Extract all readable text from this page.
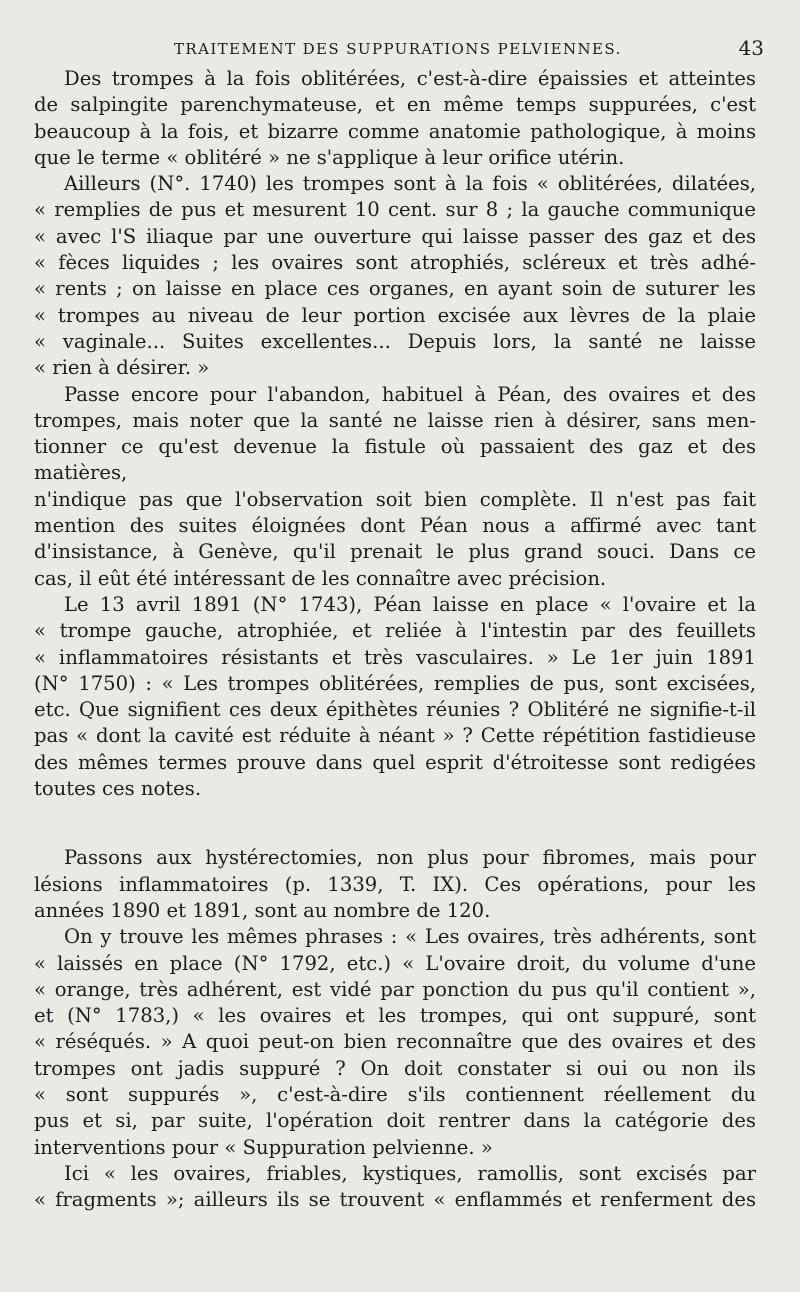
TRAITEMENT DES SUPPURATIONS PELVIENNES.	43

Des trompes à la fois oblitérées, c'est-à-dire épaissies et atteintes

de salpingite parenchymateuse, et en même temps suppurées, c'est

beaucoup à la fois, et bizarre comme anatomie pathologique, à moins

que le terme « oblitéré » ne s'applique à leur orifice utérin.

Ailleurs (N°. 1740) les trompes sont à la fois « oblitérées, dilatées,

« remplies de pus et mesurent 10 cent. sur 8 ; la gauche communique

« avec l'S iliaque par une ouverture qui laisse passer des gaz et des

« fèces liquides ; les ovaires sont atrophiés, scléreux et très adhé-

« rents ; on laisse en place ces organes, en ayant soin de suturer les

« trompes au niveau de leur portion excisée aux lèvres de la plaie

« vaginale... Suites excellentes... Depuis lors, la santé ne laisse

« rien à désirer. »

Passe encore pour l'abandon, habituel à Péan, des ovaires et des

trompes, mais noter que la santé ne laisse rien à désirer, sans men-

tionner ce qu'est devenue la fistule où passaient des gaz et des matières,

n'indique pas que l'observation soit bien complète. Il n'est pas fait

mention des suites éloignées dont Péan nous a affirmé avec tant

d'insistance, à Genève, qu'il prenait le plus grand souci. Dans ce

cas, il eût été intéressant de les connaître avec précision.

Le 13 avril 1891 (N° 1743), Péan laisse en place « l'ovaire et la

« trompe gauche, atrophiée, et reliée à l'intestin par des feuillets

« inflammatoires résistants et très vasculaires. » Le 1er juin 1891

(N° 1750) : « Les trompes oblitérées, remplies de pus, sont excisées,

etc. Que signifient ces deux épithètes réunies ? Oblitéré ne signifie-t-il

pas « dont la cavité est réduite à néant » ? Cette répétition fastidieuse

des mêmes termes prouve dans quel esprit d'étroitesse sont redigées

toutes ces notes.

Passons aux hystérectomies, non plus pour fibromes, mais pour

lésions inflammatoires (p. 1339, T. IX). Ces opérations, pour les

années 1890 et 1891, sont au nombre de 120.

On y trouve les mêmes phrases : « Les ovaires, très adhérents, sont

« laissés en place (N° 1792, etc.) « L'ovaire droit, du volume d'une

« orange, très adhérent, est vidé par ponction du pus qu'il contient »,

et (N° 1783,) « les ovaires et les trompes, qui ont suppuré, sont

« réséqués. » A quoi peut-on bien reconnaître que des ovaires et des

trompes ont jadis suppuré ? On doit constater si oui ou non ils

« sont suppurés », c'est-à-dire s'ils contiennent réellement du

pus et si, par suite, l'opération doit rentrer dans la catégorie des

interventions pour « Suppuration pelvienne. »

Ici « les ovaires, friables, kystiques, ramollis, sont excisés par

« fragments »; ailleurs ils se trouvent « enflammés et renferment des
